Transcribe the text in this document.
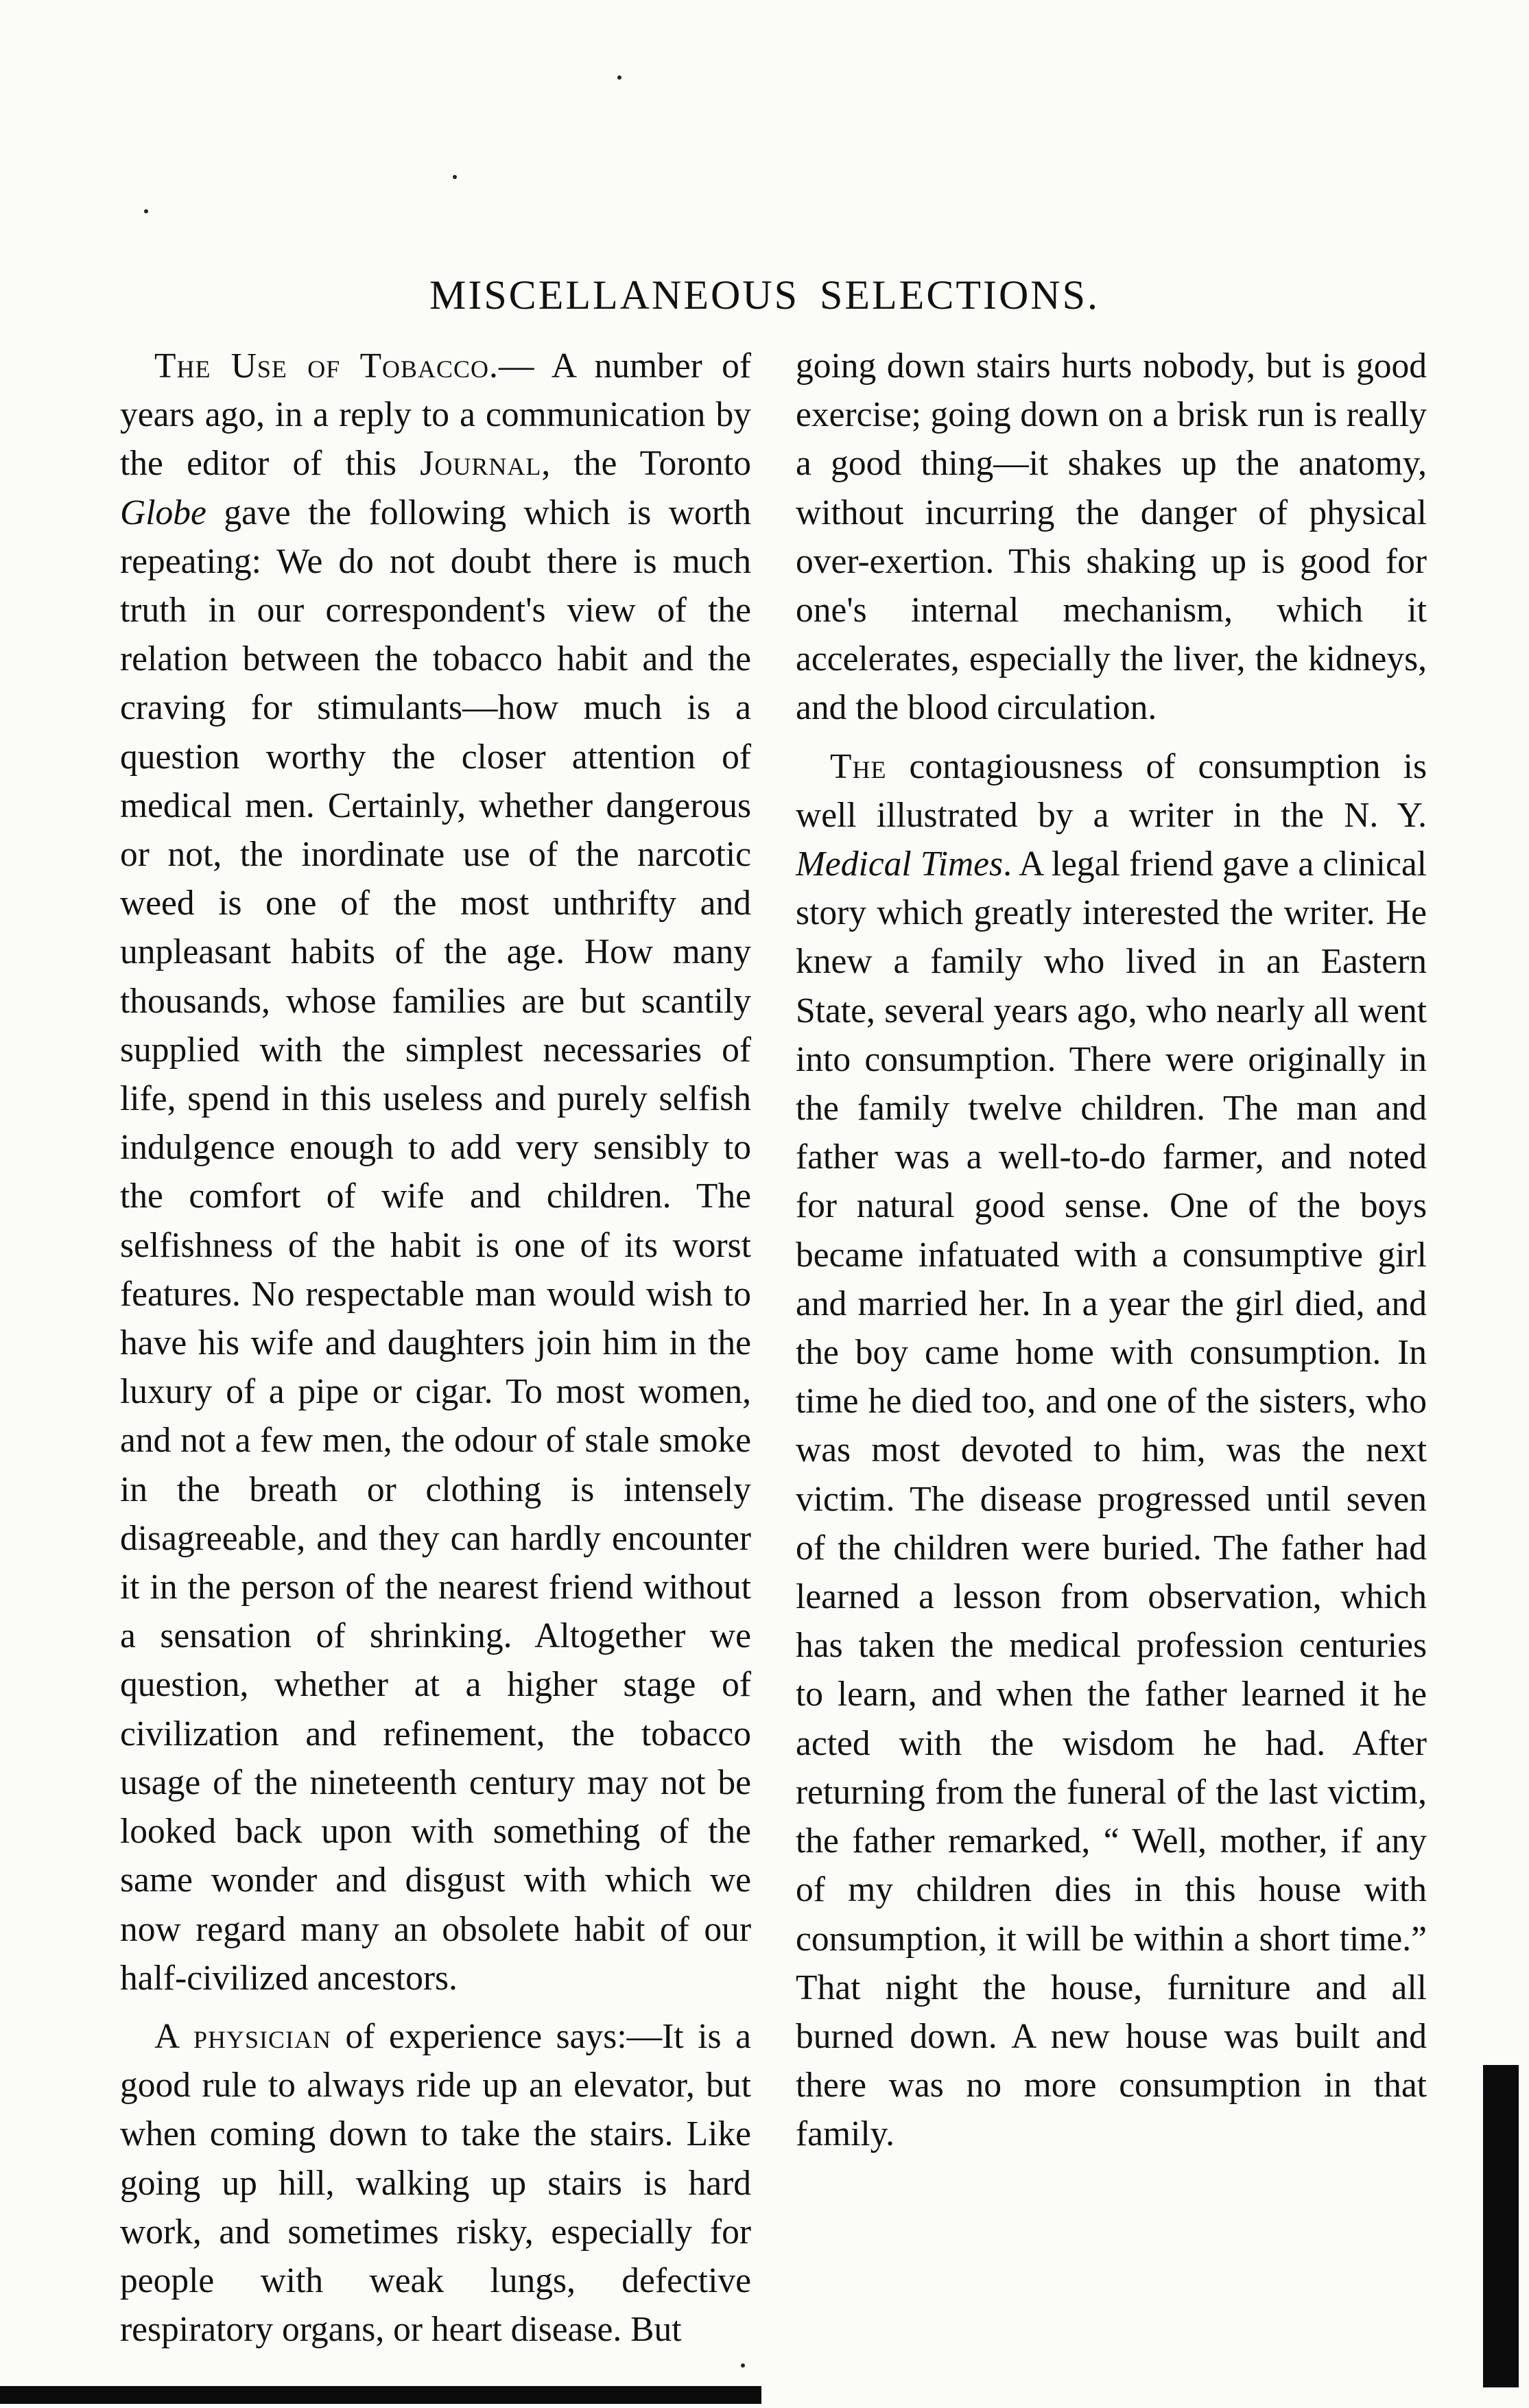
MISCELLANEOUS SELECTIONS.

The Use of Tobacco.— A number of years ago, in a reply to a communication by the editor of this Journal, the Toronto Globe gave the following which is worth repeating: We do not doubt there is much truth in our correspondent's view of the relation between the tobacco habit and the craving for stimulants—how much is a question worthy the closer attention of medical men. Certainly, whether dangerous or not, the inordinate use of the narcotic weed is one of the most unthrifty and unpleasant habits of the age. How many thousands, whose families are but scantily supplied with the simplest necessaries of life, spend in this useless and purely selfish indulgence enough to add very sensibly to the comfort of wife and children. The selfishness of the habit is one of its worst features. No respectable man would wish to have his wife and daughters join him in the luxury of a pipe or cigar. To most women, and not a few men, the odour of stale smoke in the breath or clothing is intensely disagreeable, and they can hardly encounter it in the person of the nearest friend without a sensation of shrinking. Altogether we question, whether at a higher stage of civilization and refinement, the tobacco usage of the nineteenth century may not be looked back upon with something of the same wonder and disgust with which we now regard many an obsolete habit of our half-civilized ancestors.

A physician of experience says:—It is a good rule to always ride up an elevator, but when coming down to take the stairs. Like going up hill, walking up stairs is hard work, and sometimes risky, especially for people with weak lungs, defective respiratory organs, or heart disease. But

going down stairs hurts nobody, but is good exercise; going down on a brisk run is really a good thing—it shakes up the anatomy, without incurring the danger of physical over-exertion. This shaking up is good for one's internal mechanism, which it accelerates, especially the liver, the kidneys, and the blood circulation.

The contagiousness of consumption is well illustrated by a writer in the N. Y. Medical Times. A legal friend gave a clinical story which greatly interested the writer. He knew a family who lived in an Eastern State, several years ago, who nearly all went into consumption. There were originally in the family twelve children. The man and father was a well-to-do farmer, and noted for natural good sense. One of the boys became infatuated with a consumptive girl and married her. In a year the girl died, and the boy came home with consumption. In time he died too, and one of the sisters, who was most devoted to him, was the next victim. The disease progressed until seven of the children were buried. The father had learned a lesson from observation, which has taken the medical profession centuries to learn, and when the father learned it he acted with the wisdom he had. After returning from the funeral of the last victim, the father remarked, “ Well, mother, if any of my children dies in this house with consumption, it will be within a short time.” That night the house, furniture and all burned down. A new house was built and there was no more consumption in that family.
